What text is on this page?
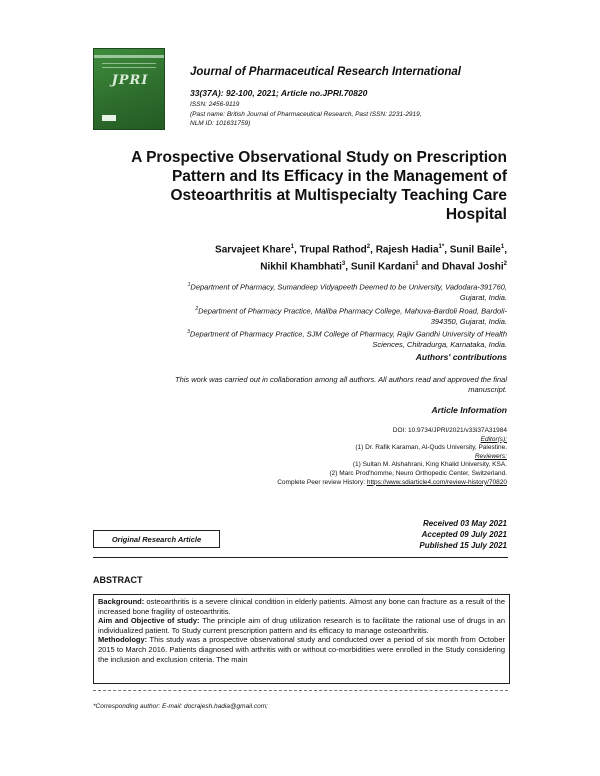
JPRI
Journal of Pharmaceutical Research International
33(37A): 92-100, 2021; Article no.JPRI.70820
ISSN: 2456-9119
(Past name: British Journal of Pharmaceutical Research, Past ISSN: 2231-2919,
NLM ID: 101631759)
A Prospective Observational Study on Prescription
Pattern and Its Efficacy in the Management of
Osteoarthritis at Multispecialty Teaching Care
Hospital
Sarvajeet Khare$^1$, Trupal Rathod$^2$, Rajesh Hadia$^{1*}$, Sunil Baile$^1$,
Nikhil Khambhati$^3$, Sunil Kardani$^1$ and Dhaval Joshi$^2$
$^1$Department of Pharmacy, Sumandeep Vidyapeeth Deemed to be University, Vadodara-391760,
Gujarat, India.
$^2$Department of Pharmacy Practice, Maliba Pharmacy College, Mahuva-Bardoli Road, Bardoli-
394350, Gujarat, India.
$^3$Department of Pharmacy Practice, SJM College of Pharmacy, Rajiv Gandhi University of Health
Sciences, Chitradurga, Karnataka, India.
Authors' contributions
This work was carried out in collaboration among all authors. All authors read and approved the final
manuscript.
Article Information
DOI: 10.9734/JPRI/2021/v33i37A31984
Editor(s):
(1) Dr. Rafik Karaman, Al-Quds University, Palestine.
Reviewers:
(1) Sultan M. Alshahrani, King Khalid University, KSA.
(2) Marc Prod'homme, Neuro Orthopedic Center, Switzerland.
Complete Peer review History: https://www.sdiarticle4.com/review-history/70820
Original Research Article
Received 03 May 2021
Accepted 09 July 2021
Published 15 July 2021
ABSTRACT

Background: osteoarthritis is a severe clinical condition in elderly patients. Almost any bone can fracture as a result of the increased bone fragility of osteoarthritis.

Aim and Objective of study: The principle aim of drug utilization research is to facilitate the rational use of drugs in an individualized patient. To Study current prescription pattern and its efficacy to manage osteoarthritis.

Methodology: This study was a prospective observational study and conducted over a period of six month from October 2015 to March 2016. Patients diagnosed with arthritis with or without co-morbidities were enrolled in the Study considering the inclusion and exclusion criteria. The main

*Corresponding author: E-mail: docrajesh.hadia@gmail.com;
